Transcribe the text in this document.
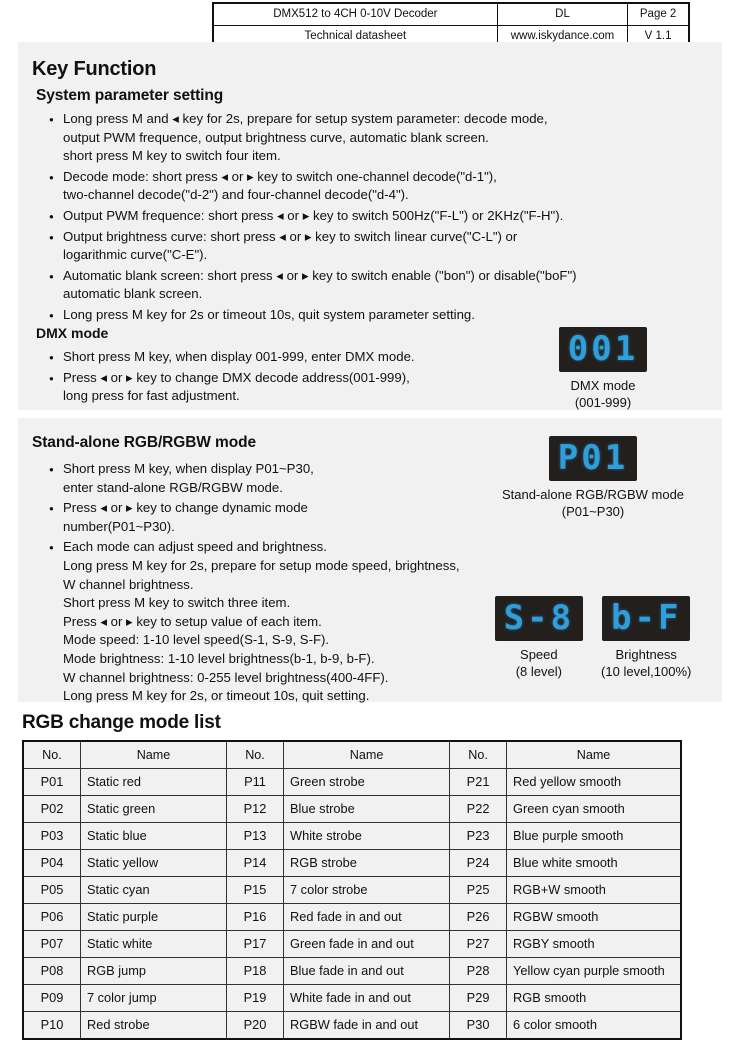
DMX512 to 4CH 0-10V Decoder	DL	Page 2
Technical datasheet	www.iskydance.com	V 1.1
Key Function
System parameter setting
● Long press M and ◂ key for 2s, prepare for setup system parameter: decode mode,
output PWM frequence, output brightness curve, automatic blank screen.
short press M key to switch four item.
● Decode mode: short press ◂ or ▸ key to switch one-channel decode("d-1"),
two-channel decode("d-2") and four-channel decode("d-4").
● Output PWM frequence: short press ◂ or ▸ key to switch 500Hz("F-L") or 2KHz("F-H").
● Output brightness curve: short press ◂ or ▸ key to switch linear curve("C-L") or
logarithmic curve("C-E").
● Automatic blank screen: short press ◂ or ▸ key to switch enable ("bon") or disable("boF")
automatic blank screen.
● Long press M key for 2s or timeout 10s, quit system parameter setting.
DMX mode
● Short press M key, when display 001-999, enter DMX mode.
● Press ◂ or ▸ key to change DMX decode address(001-999),
long press for fast adjustment.
001
DMX mode
(001-999)
Stand-alone RGB/RGBW mode
● Short press M key, when display P01~P30,
enter stand-alone RGB/RGBW mode.
● Press ◂ or ▸ key to change dynamic mode
number(P01~P30).
● Each mode can adjust speed and brightness.
Long press M key for 2s, prepare for setup mode speed, brightness,
W channel brightness.
Short press M key to switch three item.
Press ◂ or ▸ key to setup value of each item.
Mode speed: 1-10 level speed(S-1, S-9, S-F).
Mode brightness: 1-10 level brightness(b-1, b-9, b-F).
W channel brightness: 0-255 level brightness(400-4FF).
Long press M key for 2s, or timeout 10s, quit setting.
P01
Stand-alone RGB/RGBW mode
(P01~P30)
S-8
Speed
(8 level)
b-F
Brightness
(10 level,100%)
RGB change mode list
No.	Name	No.	Name	No.	Name
P01	Static red	P11	Green strobe	P21	Red yellow smooth
P02	Static green	P12	Blue strobe	P22	Green cyan smooth
P03	Static blue	P13	White strobe	P23	Blue purple smooth
P04	Static yellow	P14	RGB strobe	P24	Blue white smooth
P05	Static cyan	P15	7 color strobe	P25	RGB+W smooth
P06	Static purple	P16	Red fade in and out	P26	RGBW smooth
P07	Static white	P17	Green fade in and out	P27	RGBY smooth
P08	RGB jump	P18	Blue fade in and out	P28	Yellow cyan purple smooth
P09	7 color jump	P19	White fade in and out	P29	RGB smooth
P10	Red strobe	P20	RGBW fade in and out	P30	6 color smooth
